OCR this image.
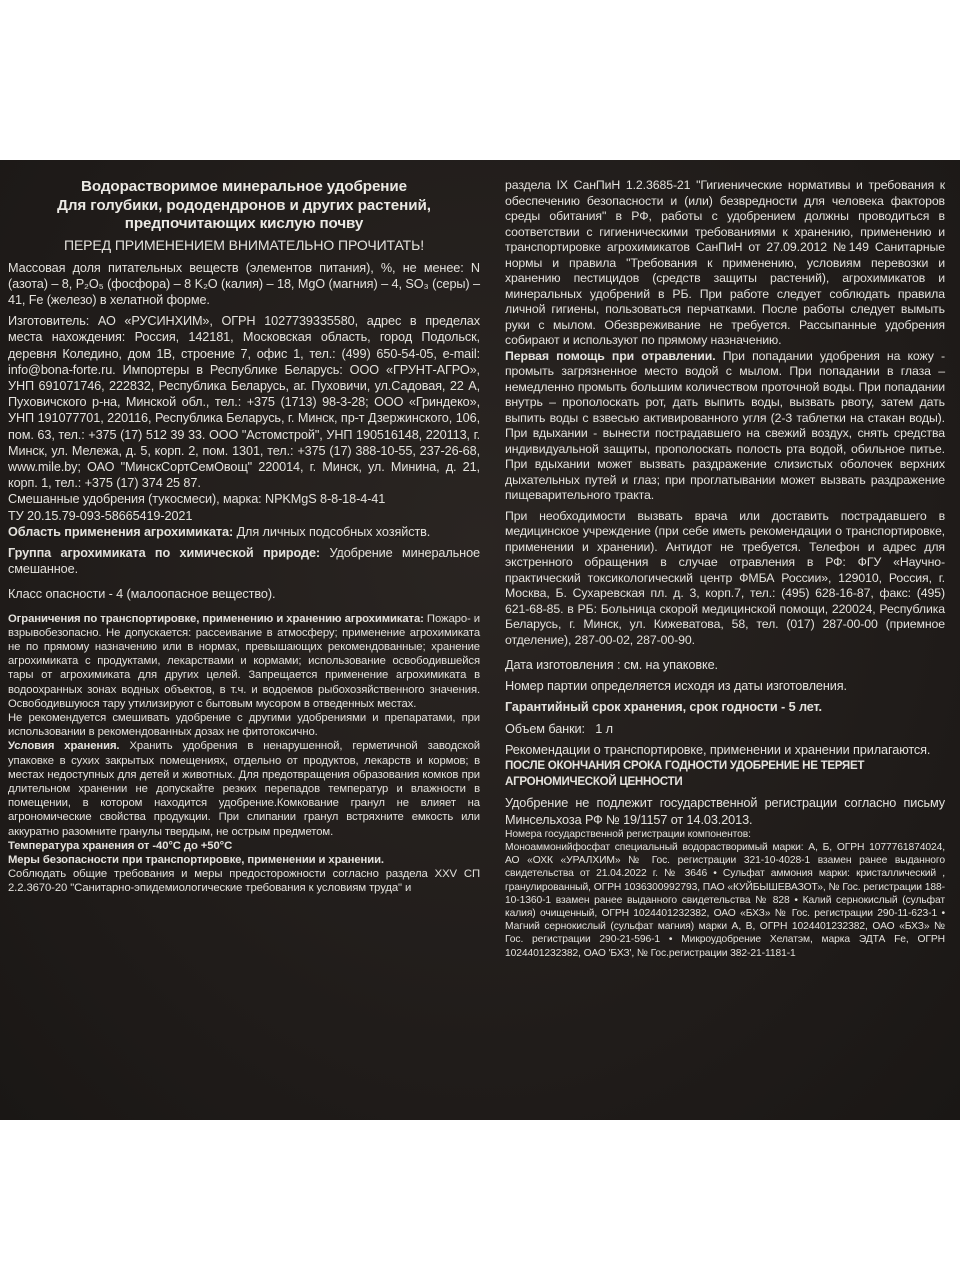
Водорастворимое минеральное удобрение
Для голубики, рододендронов и других растений,
предпочитающих кислую почву

ПЕРЕД ПРИМЕНЕНИЕМ ВНИМАТЕЛЬНО ПРОЧИТАТЬ!

Массовая доля питательных веществ (элементов питания), %, не менее: N (азота) – 8, P₂O₅ (фосфора) – 8 K₂O (калия) – 18, MgO (магния) – 4, SO₃ (серы) – 41, Fe (железо) в хелатной форме.

Изготовитель: АО «РУСИНХИМ», ОГРН 1027739335580, адрес в пределах места нахождения: Россия, 142181, Московская область, город Подольск, деревня Коледино, дом 1В, строение 7, офис 1, тел.: (499) 650-54-05, e-mail: info@bona-forte.ru. Импортеры в Республике Беларусь: ООО «ГРУНТ-АГРО», УНП 691071746, 222832, Республика Беларусь, аг. Пуховичи, ул.Садовая, 22 А, Пуховичского р-на, Минской обл., тел.: +375 (1713) 98-3-28; ООО «Гриндеко», УНП 191077701, 220116, Республика Беларусь, г. Минск, пр-т Дзержинского, 106, пом. 63, тел.: +375 (17) 512 39 33. ООО "Астомстрой", УНП 190516148, 220113, г. Минск, ул. Мележа, д. 5, корп. 2, пом. 1301, тел.: +375 (17) 388-10-55, 237-26-68, www.mile.by; ОАО "МинскСортСемОвощ" 220014, г. Минск, ул. Минина, д. 21, корп. 1, тел.: +375 (17) 374 25 87.

Смешанные удобрения (тукосмеси), марка: NPKMgS 8-8-18-4-41

ТУ 20.15.79-093-58665419-2021

Область применения агрохимиката: Для личных подсобных хозяйств.

Группа агрохимиката по химической природе: Удобрение минеральное смешанное.

Класс опасности - 4 (малоопасное вещество).

Ограничения по транспортировке, применению и хранению агрохимиката: Пожаро- и взрывобезопасно. Не допускается: рассеивание в атмосферу; применение агрохимиката не по прямому назначению или в нормах, превышающих рекомендованные; хранение агрохимиката с продуктами, лекарствами и кормами; использование освободившейся тары от агрохимиката для других целей. Запрещается применение агрохимиката в водоохранных зонах водных объектов, в т.ч. и водоемов рыбохозяйственного значения. Освободившуюся тару утилизируют с бытовым мусором в отведенных местах.

Не рекомендуется смешивать удобрение с другими удобрениями и препаратами, при использовании в рекомендованных дозах не фитотоксично.

Условия хранения. Хранить удобрения в ненарушенной, герметичной заводской упаковке в сухих закрытых помещениях, отдельно от продуктов, лекарств и кормов; в местах недоступных для детей и животных. Для предотвращения образования комков при длительном хранении не допускайте резких перепадов температур и влажности в помещении, в котором находится удобрение.Комкование гранул не влияет на агрономические свойства продукции. При слипании гранул встряхните емкость или аккуратно разомните гранулы твердым, не острым предметом.

Температура хранения от -40°С до +50°С

Меры безопасности при транспортировке, применении и хранении.

Соблюдать общие требования и меры предосторожности согласно раздела XXV СП 2.2.3670-20 "Санитарно-эпидемиологические требования к условиям труда" и

раздела IX СанПиН 1.2.3685-21 "Гигиенические нормативы и требования к обеспечению безопасности и (или) безвредности для человека факторов среды обитания" в РФ, работы с удобрением должны проводиться в соответствии с гигиеническими требованиями к хранению, применению и транспортировке агрохимикатов СанПиН от 27.09.2012 №149 Санитарные нормы и правила "Требования к применению, условиям перевозки и хранению пестицидов (средств защиты растений), агрохимикатов и минеральных удобрений в РБ. При работе следует соблюдать правила личной гигиены, пользоваться перчатками. После работы следует вымыть руки с мылом. Обезвреживание не требуется. Рассыпанные удобрения собирают и используют по прямому назначению.

Первая помощь при отравлении. При попадании удобрения на кожу - промыть загрязненное место водой с мылом. При попадании в глаза – немедленно промыть большим количеством проточной воды. При попадании внутрь – прополоскать рот, дать выпить воды, вызвать рвоту, затем дать выпить воды с взвесью активированного угля (2-3 таблетки на стакан воды). При вдыхании - вынести пострадавшего на свежий воздух, снять средства индивидуальной защиты, прополоскать полость рта водой, обильное питье. При вдыхании может вызвать раздражение слизистых оболочек верхних дыхательных путей и глаз; при проглатывании может вызвать раздражение пищеварительного тракта.

При необходимости вызвать врача или доставить пострадавшего в медицинское учреждение (при себе иметь рекомендации о транспортировке, применении и хранении). Антидот не требуется. Телефон и адрес для экстренного обращения в случае отравления в РФ: ФГУ «Научно-практический токсикологический центр ФМБА России», 129010, Россия, г. Москва, Б. Сухаревская пл. д. 3, корп.7, тел.: (495) 628-16-87, факс: (495) 621-68-85. в РБ: Больница скорой медицинской помощи, 220024, Республика Беларусь, г. Минск, ул. Кижеватова, 58, тел. (017) 287-00-00 (приемное отделение), 287-00-02, 287-00-90.

Дата изготовления : см. на упаковке.

Номер партии определяется исходя из даты изготовления.

Гарантийный срок хранения, срок годности - 5 лет.

Объем банки:   1 л

Рекомендации о транспортировке, применении и хранении прилагаются.

ПОСЛЕ ОКОНЧАНИЯ СРОКА ГОДНОСТИ УДОБРЕНИЕ НЕ ТЕРЯЕТ АГРОНОМИЧЕСКОЙ ЦЕННОСТИ

Удобрение не подлежит государственной регистрации согласно письму Минсельхоза РФ № 19/1157 от 14.03.2013.

Номера государственной регистрации компонентов:

Моноаммонийфосфат специальный водорастворимый марки: А, Б, ОГРН 1077761874024, АО «ОХК «УРАЛХИМ» № Гос. регистрации 321-10-4028-1 взамен ранее выданного свидетельства от 21.04.2022 г. № 3646 • Сульфат аммония марки: кристаллический , гранулированный, ОГРН 1036300992793, ПАО «КУЙБЫШЕВАЗОТ», № Гос. регистрации 188-10-1360-1 взамен ранее выданного свидетельства № 828 • Калий сернокислый (сульфат калия) очищенный, ОГРН 1024401232382, ОАО «БХЗ» № Гос. регистрации 290-11-623-1 • Магний сернокислый (сульфат магния) марки А, В, ОГРН 1024401232382, ОАО «БХЗ» № Гос. регистрации 290-21-596-1 • Микроудобрение Хелатэм, марка ЭДТА Fe, ОГРН 1024401232382, ОАО 'БХЗ', № Гос.регистрации 382-21-1181-1
